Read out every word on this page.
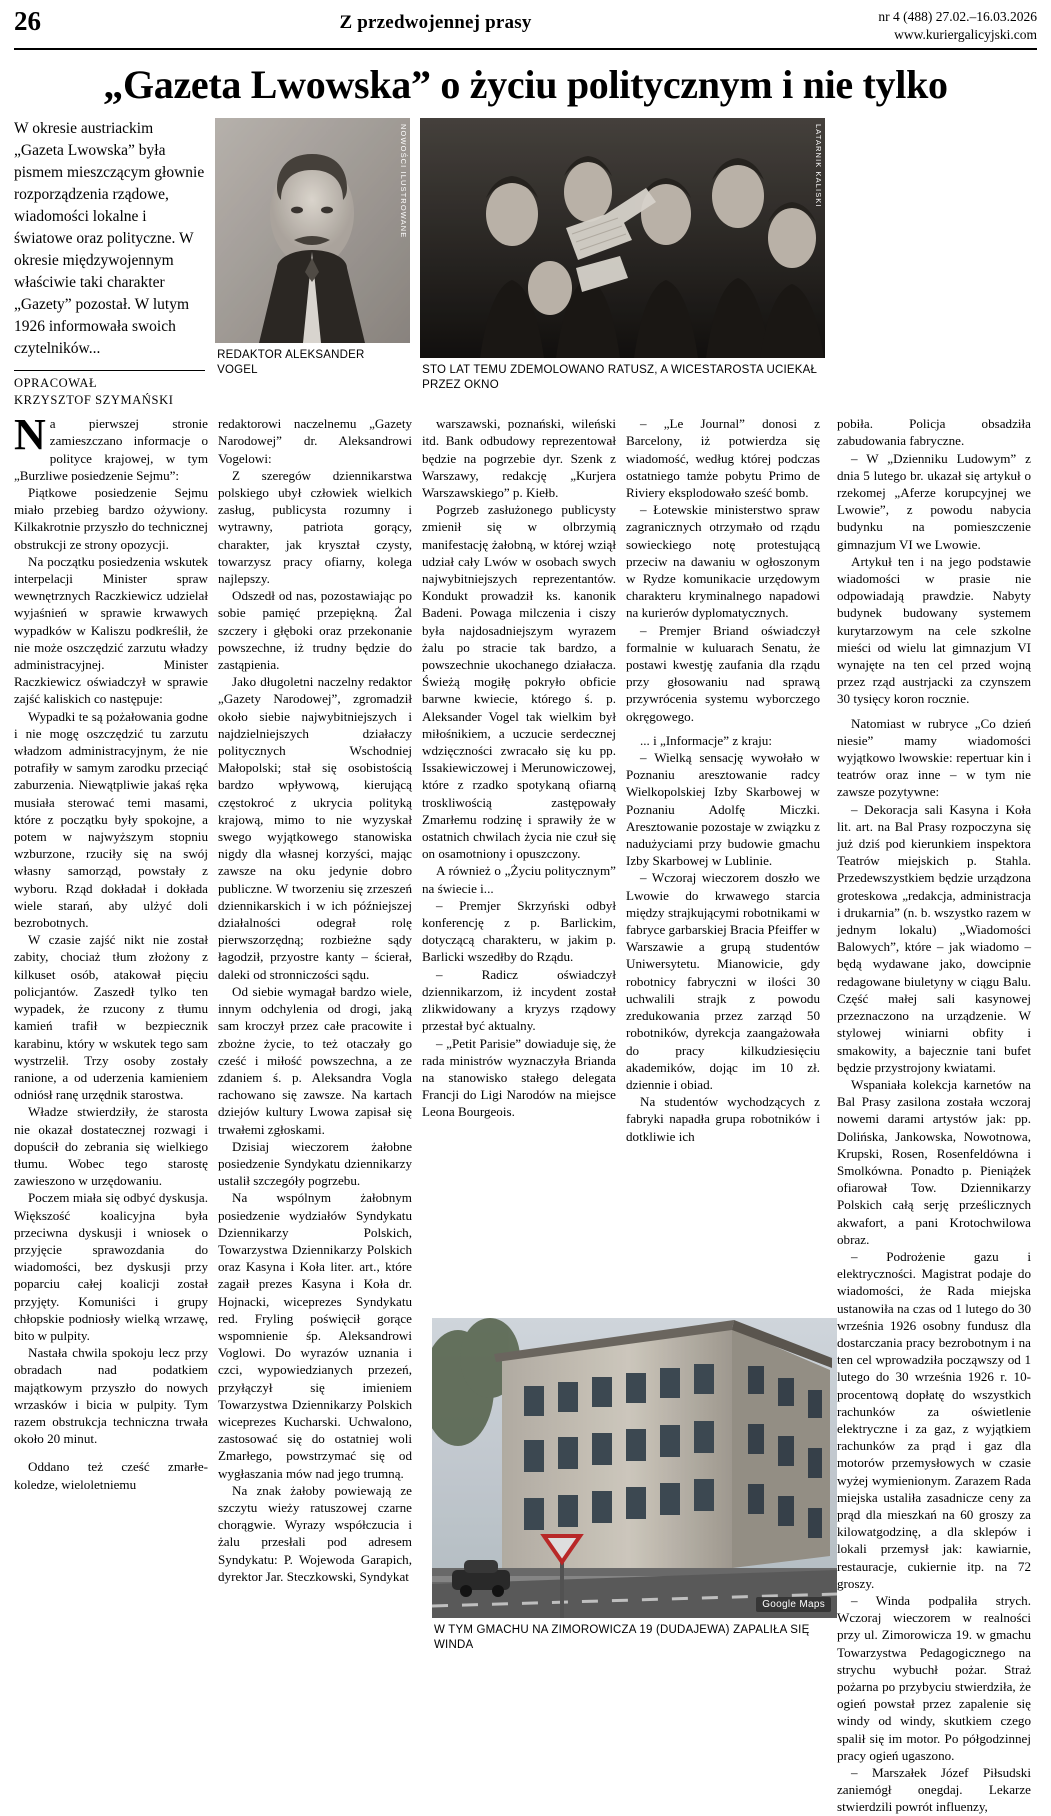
26	Z przedwojennej prasy	nr 4 (488) 27.02.–16.03.2026
www.kuriergalicyjski.com
„Gazeta Lwowska” o życiu politycznym i nie tylko
W okresie austriackim „Gazeta Lwowska” była pismem mieszczącym głownie rozporządzenia rządowe, wiadomości lokalne i światowe oraz polityczne. W okresie międzywojennym właściwie taki charakter „Gazety” pozostał. W lutym 1926 informowała swoich czytelników...
OPRACOWAŁ
KRZYSZTOF SZYMAŃSKI
NOWOŚCI ILUSTROWANE
REDAKTOR ALEKSANDER VOGEL
LATARNIK KALISKI
STO LAT TEMU ZDEMOLOWANO RATUSZ, A WICESTAROSTA UCIEKAŁ PRZEZ OKNO

Na pierwszej stronie zamieszczano informacje o polityce krajowej, w tym „Burzliwe posiedzenie Sejmu”:

Piątkowe posiedzenie Sejmu miało przebieg bardzo ożywiony. Kilkakrotnie przyszło do technicznej obstrukcji ze strony opozycji.

Na początku posiedzenia wskutek interpelacji Minister spraw wewnętrznych Raczkiewicz udzielał wyjaśnień w sprawie krwawych wypadków w Kaliszu podkreślił, że nie może oszczędzić zarzutu władzy administracyjnej. Minister Raczkiewicz oświadczył w sprawie zajść kaliskich co następuje:

Wypadki te są pożałowania godne i nie mogę oszczędzić tu zarzutu władzom administracyjnym, że nie potrafiły w samym zarodku przeciąć zaburzenia. Niewątpliwie jakaś ręka musiała sterować temi masami, które z początku były spokojne, a potem w najwyższym stopniu wzburzone, rzuciły się na swój własny samorząd, powstały z wyboru. Rząd dokładał i dokłada wiele starań, aby ulżyć doli bezrobotnych.

W czasie zajść nikt nie został zabity, chociaż tłum złożony z kilkuset osób, atakował pięciu policjantów. Zaszedł tylko ten wypadek, że rzucony z tłumu kamień trafił w bezpiecznik karabinu, który w wskutek tego sam wystrzelił. Trzy osoby zostały ranione, a od uderzenia kamieniem odniósł ranę urzędnik starostwa.

Władze stwierdziły, że starosta nie okazał dostatecznej rozwagi i dopuścił do zebrania się wielkiego tłumu. Wobec tego starostę zawieszono w urzędowaniu.

Poczem miała się odbyć dyskusja. Większość koalicyjna była przeciwna dyskusji i wniosek o przyjęcie sprawozdania do wiadomości, bez dyskusji przy poparciu całej koalicji został przyjęty. Komuniści i grupy chłopskie podniosły wielką wrzawę, bito w pulpity.

Nastała chwila spokoju lecz przy obradach nad podatkiem majątkowym przyszło do nowych wrzasków i bicia w pulpity. Tym razem obstrukcja techniczna trwała około 20 minut.

Oddano też cześć zmarłe- koledze, wieloletniemu

redaktorowi naczelnemu „Gazety Narodowej” dr. Aleksandrowi Vogelowi:

Z szeregów dziennikarstwa polskiego ubył człowiek wielkich zasług, publicysta rozumny i wytrawny, patriota gorący, charakter, jak kryształ czysty, towarzysz pracy ofiarny, kolega najlepszy.

Odszedł od nas, pozostawiając po sobie pamięć przepiękną. Żal szczery i głęboki oraz przekonanie powszechne, iż trudny będzie do zastąpienia.

Jako długoletni naczelny redaktor „Gazety Narodowej”, zgromadził około siebie najwybitniejszych i najdzielniejszych działaczy politycznych Wschodniej Małopolski; stał się osobistością bardzo wpływową, kierującą częstokroć z ukrycia polityką krajową, mimo to nie wyzyskał swego wyjątkowego stanowiska nigdy dla własnej korzyści, mając zawsze na oku jedynie dobro publiczne. W tworzeniu się zrzeszeń dziennikarskich i w ich późniejszej działalności odegrał rolę pierwszorzędną; rozbieżne sądy łagodził, przyostre kanty – ścierał, daleki od stronniczości sądu.

Od siebie wymagał bardzo wiele, innym odchylenia od drogi, jaką sam kroczył przez całe pracowite i zbożne życie, to też otaczały go cześć i miłość powszechna, a ze zdaniem ś. p. Aleksandra Vogla rachowano się zawsze. Na kartach dziejów kultury Lwowa zapisał się trwałemi zgłoskami.

Dzisiaj wieczorem żałobne posiedzenie Syndykatu dziennikarzy ustalił szczegóły pogrzebu.

Na wspólnym żałobnym posiedzenie wydziałów Syndykatu Dziennikarzy Polskich, Towarzystwa Dziennikarzy Polskich oraz Kasyna i Koła liter. art., które zagaił prezes Kasyna i Koła dr. Hojnacki, wiceprezes Syndykatu red. Fryling poświęcił gorące wspomnienie śp. Aleksandrowi Voglowi. Do wyrazów uznania i czci, wypowiedzianych przezeń, przyłączył się imieniem Towarzystwa Dziennikarzy Polskich wiceprezes Kucharski. Uchwalono, zastosować się do ostatniej woli Zmarłego, powstrzymać się od wygłaszania mów nad jego trumną.

Na znak żałoby powiewają ze szczytu wieży ratuszowej czarne chorągwie. Wyrazy współczucia i żalu przesłali pod adresem Syndykatu: P. Wojewoda Garapich, dyrektor Jar. Steczkowski, Syndykat

warszawski, poznański, wileński itd. Bank odbudowy reprezentował będzie na pogrzebie dyr. Szenk z Warszawy, redakcję „Kurjera Warszawskiego” p. Kiełb.

Pogrzeb zasłużonego publicysty zmienił się w olbrzymią manifestację żałobną, w której wziął udział cały Lwów w osobach swych najwybitniejszych reprezentantów. Kondukt prowadził ks. kanonik Badeni. Powaga milczenia i ciszy była najdosadniejszym wyrazem żalu po stracie tak bardzo, a powszechnie ukochanego działacza. Świeżą mogiłę pokryło obficie barwne kwiecie, którego ś. p. Aleksander Vogel tak wielkim był miłośnikiem, a uczucie serdecznej wdzięczności zwracało się ku pp. Issakiewiczowej i Merunowiczowej, które z rzadko spotykaną ofiarną troskliwością zastępowały Zmarłemu rodzinę i sprawiły że w ostatnich chwilach życia nie czuł się on osamotniony i opuszczony.

A również o „Życiu politycznym” na świecie i...

– Premjer Skrzyński odbył konferencję z p. Barlickim, dotyczącą charakteru, w jakim p. Barlicki wszedłby do Rządu.

– Radicz oświadczył dziennikarzom, iż incydent został zlikwidowany a kryzys rządowy przestał być aktualny.

– „Petit Parisie” dowiaduje się, że rada ministrów wyznaczyła Brianda na stanowisko stałego delegata Francji do Ligi Narodów na miejsce Leona Bourgeois.

– „Le Journal” donosi z Barcelony, iż potwierdza się wiadomość, według której podczas ostatniego tamże pobytu Primo de Riviery eksplodowało sześć bomb.

– Łotewskie ministerstwo spraw zagranicznych otrzymało od rządu sowieckiego notę protestującą przeciw na dawaniu w ogłoszonym w Rydze komunikacie urzędowym charakteru kryminalnego napadowi na kurierów dyplomatycznych.

– Premjer Briand oświadczył formalnie w kuluarach Senatu, że postawi kwestję zaufania dla rządu przy głosowaniu nad sprawą przywrócenia systemu wyborczego okręgowego.

... i „Informacje” z kraju:

– Wielką sensację wywołało w Poznaniu aresztowanie radcy Wielkopolskiej Izby Skarbowej w Poznaniu Adolfę Miczki. Aresztowanie pozostaje w związku z nadużyciami przy budowie gmachu Izby Skarbowej w Lublinie.

– Wczoraj wieczorem doszło we Lwowie do krwawego starcia między strajkującymi robotnikami w fabryce garbarskiej Bracia Pfeiffer w Warszawie a grupą studentów Uniwersytetu. Mianowicie, gdy robotnicy fabryczni w ilości 30 uchwalili strajk z powodu zredukowania przez zarząd 50 robotników, dyrekcja zaangażowała do pracy kilkudziesięciu akademików, dojąc im 10 zł. dziennie i obiad.

Na studentów wychodzących z fabryki napadła grupa robotników i dotkliwie ich

pobiła. Policja obsadziła zabudowania fabryczne.

– W „Dzienniku Ludowym” z dnia 5 lutego br. ukazał się artykuł o rzekomej „Aferze korupcyjnej we Lwowie”, z powodu nabycia budynku na pomieszczenie gimnazjum VI we Lwowie.

Artykuł ten i na jego podstawie wiadomości w prasie nie odpowiadają prawdzie. Nabyty budynek budowany systemem kurytarzowym na cele szkolne mieści od wielu lat gimnazjum VI wynajęte na ten cel przed wojną przez rząd austrjacki za czynszem 30 tysięcy koron rocznie.

Natomiast w rubryce „Co dzień niesie” mamy wiadomości wyjątkowo lwowskie: repertuar kin i teatrów oraz inne – w tym nie zawsze pozytywne:

– Dekoracja sali Kasyna i Koła lit. art. na Bal Prasy rozpoczyna się już dziś pod kierunkiem inspektora Teatrów miejskich p. Stahla. Przedewszystkiem będzie urządzona groteskowa „redakcja, administracja i drukarnia” (n. b. wszystko razem w jednym lokalu) „Wiadomości Balowych”, które – jak wiadomo – będą wydawane jako, dowcipnie redagowane biuletyny w ciągu Balu. Część małej sali kasynowej przeznaczono na urządzenie. W stylowej winiarni obfity i smakowity, a bajecznie tani bufet będzie przystrojony kwiatami.

Wspaniała kolekcja karnetów na Bal Prasy zasilona została wczoraj nowemi darami artystów jak: pp. Dolińska, Jankowska, Nowotnowa, Krupski, Rosen, Rosenfeldówna i Smolkówna. Ponadto p. Pieniążek ofiarował Tow. Dziennikarzy Polskich całą serję prześlicznych akwafort, a pani Krotochwilowa obraz.

– Podrożenie gazu i elektryczności. Magistrat podaje do wiadomości, że Rada miejska ustanowiła na czas od 1 lutego do 30 września 1926 osobny fundusz dla dostarczania pracy bezrobotnym i na ten cel wprowadziła począwszy od 1 lutego do 30 września 1926 r. 10-procentową dopłatę do wszystkich rachunków za oświetlenie elektryczne i za gaz, z wyjątkiem rachunków za prąd i gaz dla motorów przemysłowych w czasie wyżej wymienionym. Zarazem Rada miejska ustaliła zasadnicze ceny za prąd dla mieszkań na 60 groszy za kilowatgodzinę, a dla sklepów i lokali przemysł jak: kawiarnie, restauracje, cukiernie itp. na 72 groszy.

– Winda podpaliła strych. Wczoraj wieczorem w realności przy ul. Zimorowicza 19. w gmachu Towarzystwa Pedagogicznego na strychu wybuchł pożar. Straż pożarna po przybyciu stwierdziła, że ogień powstał przez zapalenie się windy od windy, skutkiem czego spalił się im motor. Po półgodzinnej pracy ogień ugaszono.

– Marszałek Józef Piłsudski zaniemógł onegdaj. Lekarze stwierdzili powrót influenzy,

Google Maps
W TYM GMACHU NA ZIMOROWICZA 19 (DUDAJEWA) ZAPALIŁA SIĘ WINDA
